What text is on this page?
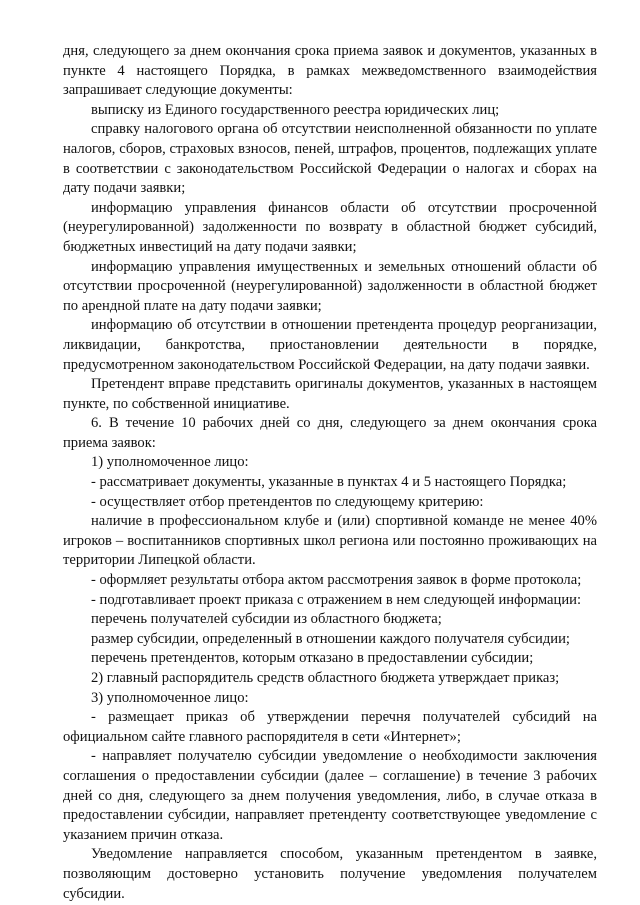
дня, следующего за днем окончания срока приема заявок и документов, указанных в пункте 4 настоящего Порядка, в рамках межведомственного взаимодействия запрашивает следующие документы:

выписку из Единого государственного реестра юридических лиц;

справку налогового органа об отсутствии неисполненной обязанности по уплате налогов, сборов, страховых взносов, пеней, штрафов, процентов, подлежащих уплате в соответствии с законодательством Российской Федерации о налогах и сборах на дату подачи заявки;

информацию управления финансов области об отсутствии просроченной (неурегулированной) задолженности по возврату в областной бюджет субсидий, бюджетных инвестиций на дату подачи заявки;

информацию управления имущественных и земельных отношений области об отсутствии просроченной (неурегулированной) задолженности в областной бюджет по арендной плате на дату подачи заявки;

информацию об отсутствии в отношении претендента процедур реорганизации, ликвидации, банкротства, приостановлении деятельности в порядке, предусмотренном законодательством Российской Федерации, на дату подачи заявки.

Претендент вправе представить оригиналы документов, указанных в настоящем пункте, по собственной инициативе.

6. В течение 10 рабочих дней со дня, следующего за днем окончания срока приема заявок:

1) уполномоченное лицо:

- рассматривает документы, указанные в пунктах 4 и 5 настоящего Порядка;

- осуществляет отбор претендентов по следующему критерию:

наличие в профессиональном клубе и (или) спортивной команде не менее 40% игроков – воспитанников спортивных школ региона или постоянно проживающих на территории Липецкой области.

- оформляет результаты отбора актом рассмотрения заявок в форме протокола;

- подготавливает проект приказа с отражением в нем следующей информации:

перечень получателей субсидии из областного бюджета;

размер субсидии, определенный в отношении каждого получателя субсидии;

перечень претендентов, которым отказано в предоставлении субсидии;

2) главный распорядитель средств областного бюджета утверждает приказ;

3) уполномоченное лицо:

- размещает приказ об утверждении перечня получателей субсидий на официальном сайте главного распорядителя в сети «Интернет»;

- направляет получателю субсидии уведомление о необходимости заключения соглашения о предоставлении субсидии (далее – соглашение) в течение 3 рабочих дней со дня, следующего за днем получения уведомления, либо, в случае отказа в предоставлении субсидии, направляет претенденту соответствующее уведомление с указанием причин отказа.

Уведомление направляется способом, указанным претендентом в заявке, позволяющим достоверно установить получение уведомления получателем субсидии.
